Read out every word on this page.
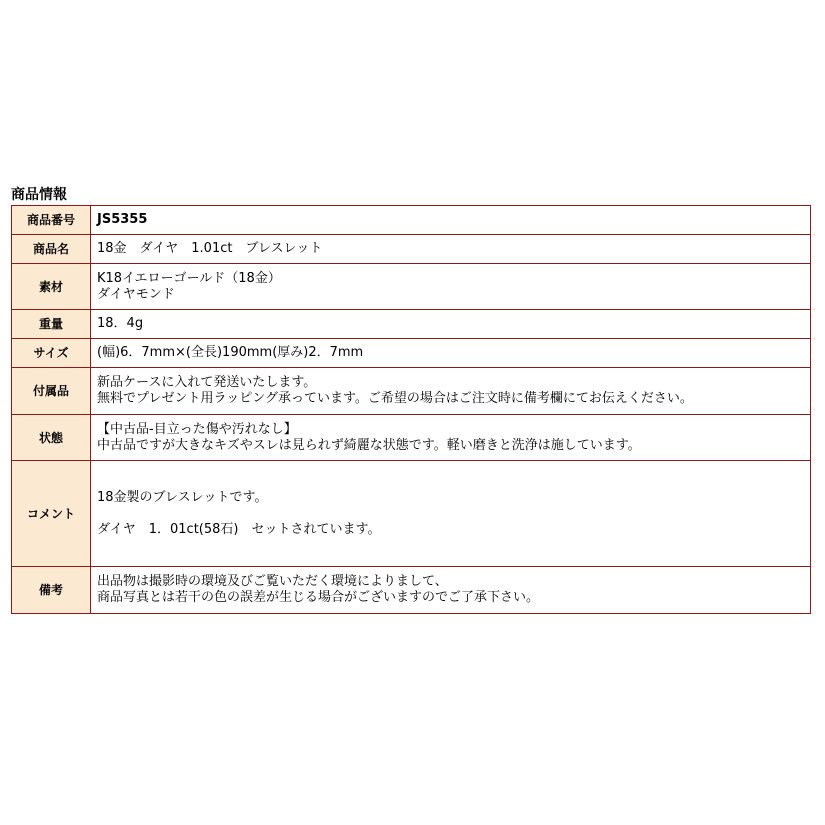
商品情報
商品番号	JS5355

商品名	18金　ダイヤ　1.01ct　ブレスレット

素材	K18イエローゴールド（18金）
ダイヤモンド

重量	18．4g

サイズ	(幅)6．7mm×(全長)190mm(厚み)2．7mm

付属品	新品ケースに入れて発送いたします。
無料でプレゼント用ラッピング承っています。ご希望の場合はご注文時に備考欄にてお伝えください。

状態	【中古品-目立った傷や汚れなし】
中古品ですが大きなキズやスレは見られず綺麗な状態です。軽い磨きと洗浄は施しています。

コメント	18金製のブレスレットです。
ダイヤ　1．01ct(58石)　セットされています。

備考	出品物は撮影時の環境及びご覧いただく環境によりまして、
商品写真とは若干の色の誤差が生じる場合がございますのでご了承下さい。
